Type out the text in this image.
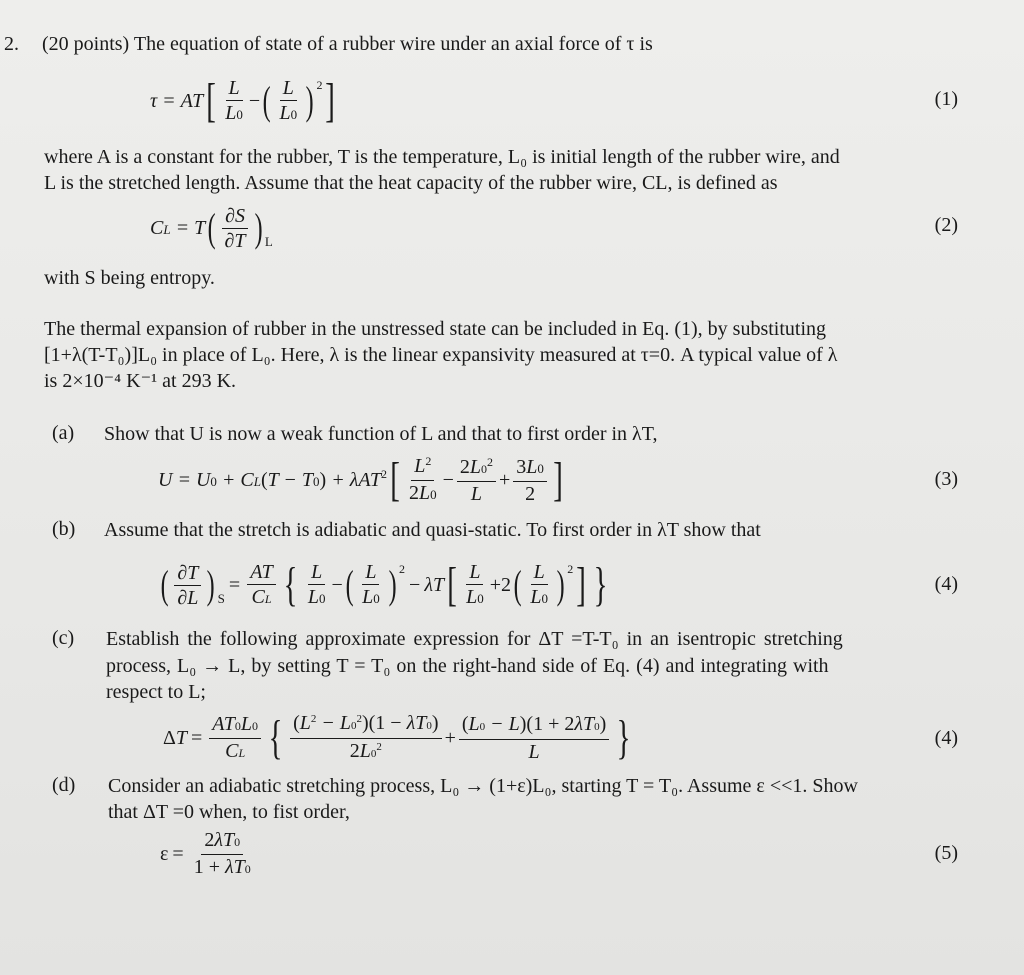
2. (20 points) The equation of state of a rubber wire under an axial force of τ is
τ = AT [ $\frac{L}{L0}$ − ( $\frac{L}{L0}$ ) 2 ]	(1)
where A is a constant for the rubber, T is the temperature, L₀ is initial length of the rubber wire, and
L is the stretched length. Assume that the heat capacity of the rubber wire, CL, is defined as
CL = T ( $\frac{\partial S}{\partial T}$ ) L
(2)
with S being entropy.
The thermal expansion of rubber in the unstressed state can be included in Eq. (1), by substituting
[1+λ(T-T₀)]L₀ in place of L₀. Here, λ is the linear expansivity measured at τ=0. A typical value of λ
is 2×10⁻⁴ K⁻¹ at 293 K.
(a) Show that U is now a weak function of L and that to first order in λT,
U = U0 + CL(T − T0) + λAT$^2$ [ $\frac{L^2}{2L0} - \frac{2L0^2}{L} + \frac{3L0}{2}$ ]	(3)
(b) Assume that the stretch is adiabatic and quasi-static. To first order in λT show that
( $\frac{\partial T}{\partial L}$ ) S
= $\frac{AT}{CL}$ { $\frac{L}{L0}$ − ( $\frac{L}{L0}$ ) 2
− λT [ $\frac{L}{L0} +2$ ( $\frac{L}{L0}$ ) 2 ] }	(4)
(c) Establish the following approximate expression for ΔT =T-T₀ in an isentropic stretching
process, L₀ → L, by setting T = T₀ on the right-hand side of Eq. (4) and integrating with
respect to L;
Δ $T = \frac{AT0L0}{CL}$ { $\frac{(L^2 - L0^2)(1 - \lambda T0)}{2L0^2} + \frac{(L0 - L)(1 + 2\lambda T0)}{L}$ }	(4)
(d) Consider an adiabatic stretching process, L₀ → (1+ε)L₀, starting T = T₀. Assume ε <<1. Show
that ΔT =0 when, to fist order,
$\varepsilon = \frac{2\lambda T0}{1 + \lambda T0}$	(5)
